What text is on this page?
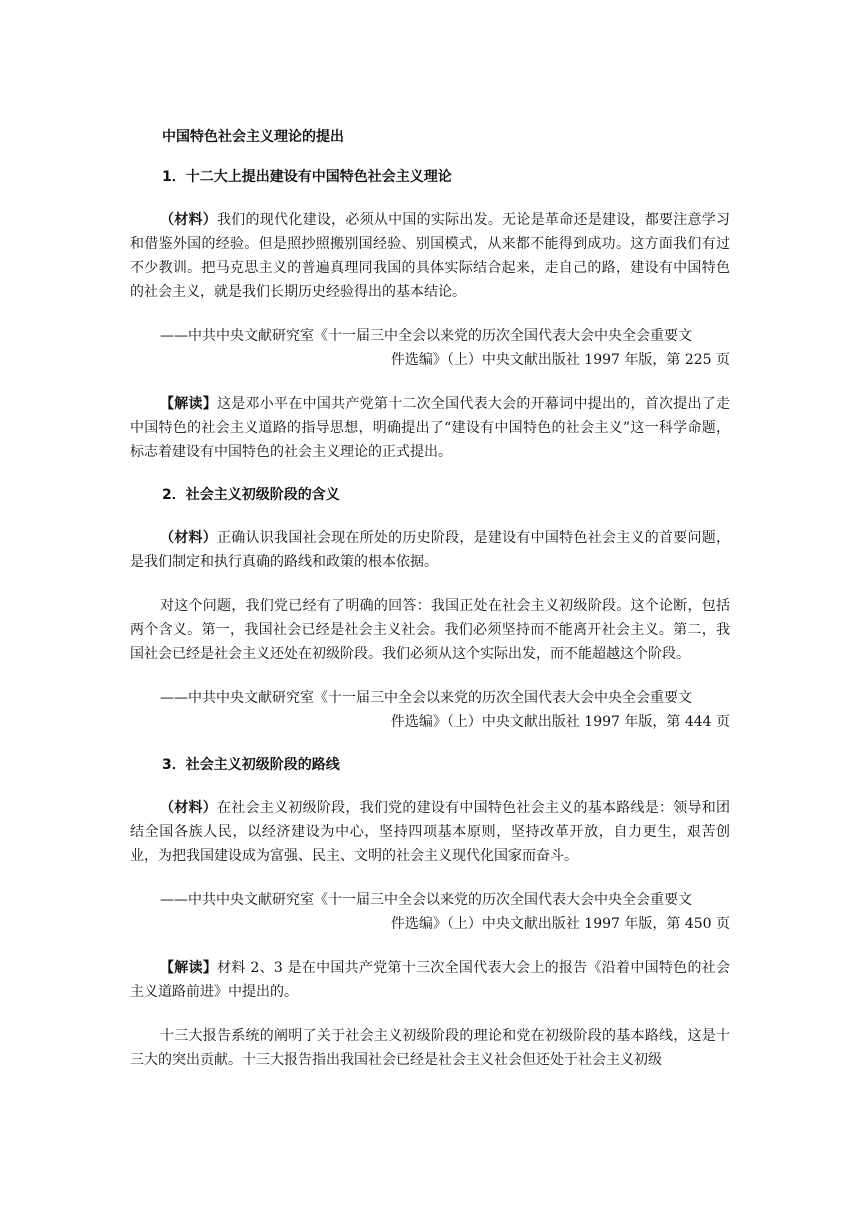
中国特色社会主义理论的提出
1．十二大上提出建设有中国特色社会主义理论

（材料）我们的现代化建设，必须从中国的实际出发。无论是革命还是建设，都要注意学习和借鉴外国的经验。但是照抄照搬别国经验、别国模式，从来都不能得到成功。这方面我们有过不少教训。把马克思主义的普遍真理同我国的具体实际结合起来，走自己的路，建设有中国特色的社会主义，就是我们长期历史经验得出的基本结论。

——中共中央文献研究室《十一届三中全会以来党的历次全国代表大会中央全会重要文
件选编》（上）中央文献出版社 1997 年版，第 225 页

【解读】这是邓小平在中国共产党第十二次全国代表大会的开幕词中提出的，首次提出了走中国特色的社会主义道路的指导思想，明确提出了“建设有中国特色的社会主义”这一科学命题，标志着建设有中国特色的社会主义理论的正式提出。

2．社会主义初级阶段的含义

（材料）正确认识我国社会现在所处的历史阶段，是建设有中国特色社会主义的首要问题，是我们制定和执行真确的路线和政策的根本依据。

对这个问题，我们党已经有了明确的回答：我国正处在社会主义初级阶段。这个论断，包括两个含义。第一，我国社会已经是社会主义社会。我们必须坚持而不能离开社会主义。第二，我国社会已经是社会主义还处在初级阶段。我们必须从这个实际出发，而不能超越这个阶段。

——中共中央文献研究室《十一届三中全会以来党的历次全国代表大会中央全会重要文
件选编》（上）中央文献出版社 1997 年版，第 444 页

3．社会主义初级阶段的路线

（材料）在社会主义初级阶段，我们党的建设有中国特色社会主义的基本路线是：领导和团结全国各族人民，以经济建设为中心，坚持四项基本原则，坚持改革开放，自力更生，艰苦创业，为把我国建设成为富强、民主、文明的社会主义现代化国家而奋斗。

——中共中央文献研究室《十一届三中全会以来党的历次全国代表大会中央全会重要文
件选编》（上）中央文献出版社 1997 年版，第 450 页

【解读】材料 2、3 是在中国共产党第十三次全国代表大会上的报告《沿着中国特色的社会主义道路前进》中提出的。

十三大报告系统的阐明了关于社会主义初级阶段的理论和党在初级阶段的基本路线，这是十三大的突出贡献。十三大报告指出我国社会已经是社会主义社会但还处于社会主义初级
